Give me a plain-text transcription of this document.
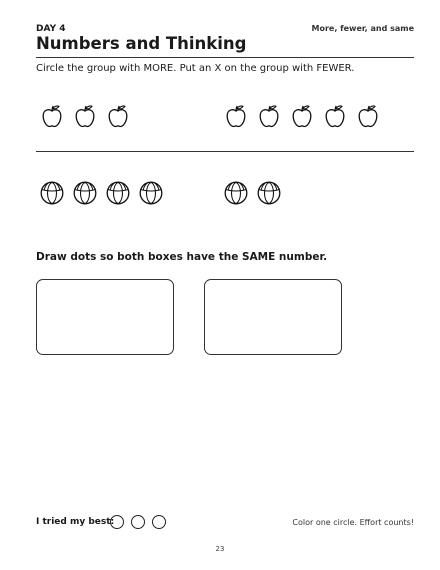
DAY 4	More, fewer, and same
Numbers and Thinking
Circle the group with MORE. Put an X on the group with FEWER.
Draw dots so both boxes have the SAME number.
I tried my best:	Color one circle. Effort counts!
23
